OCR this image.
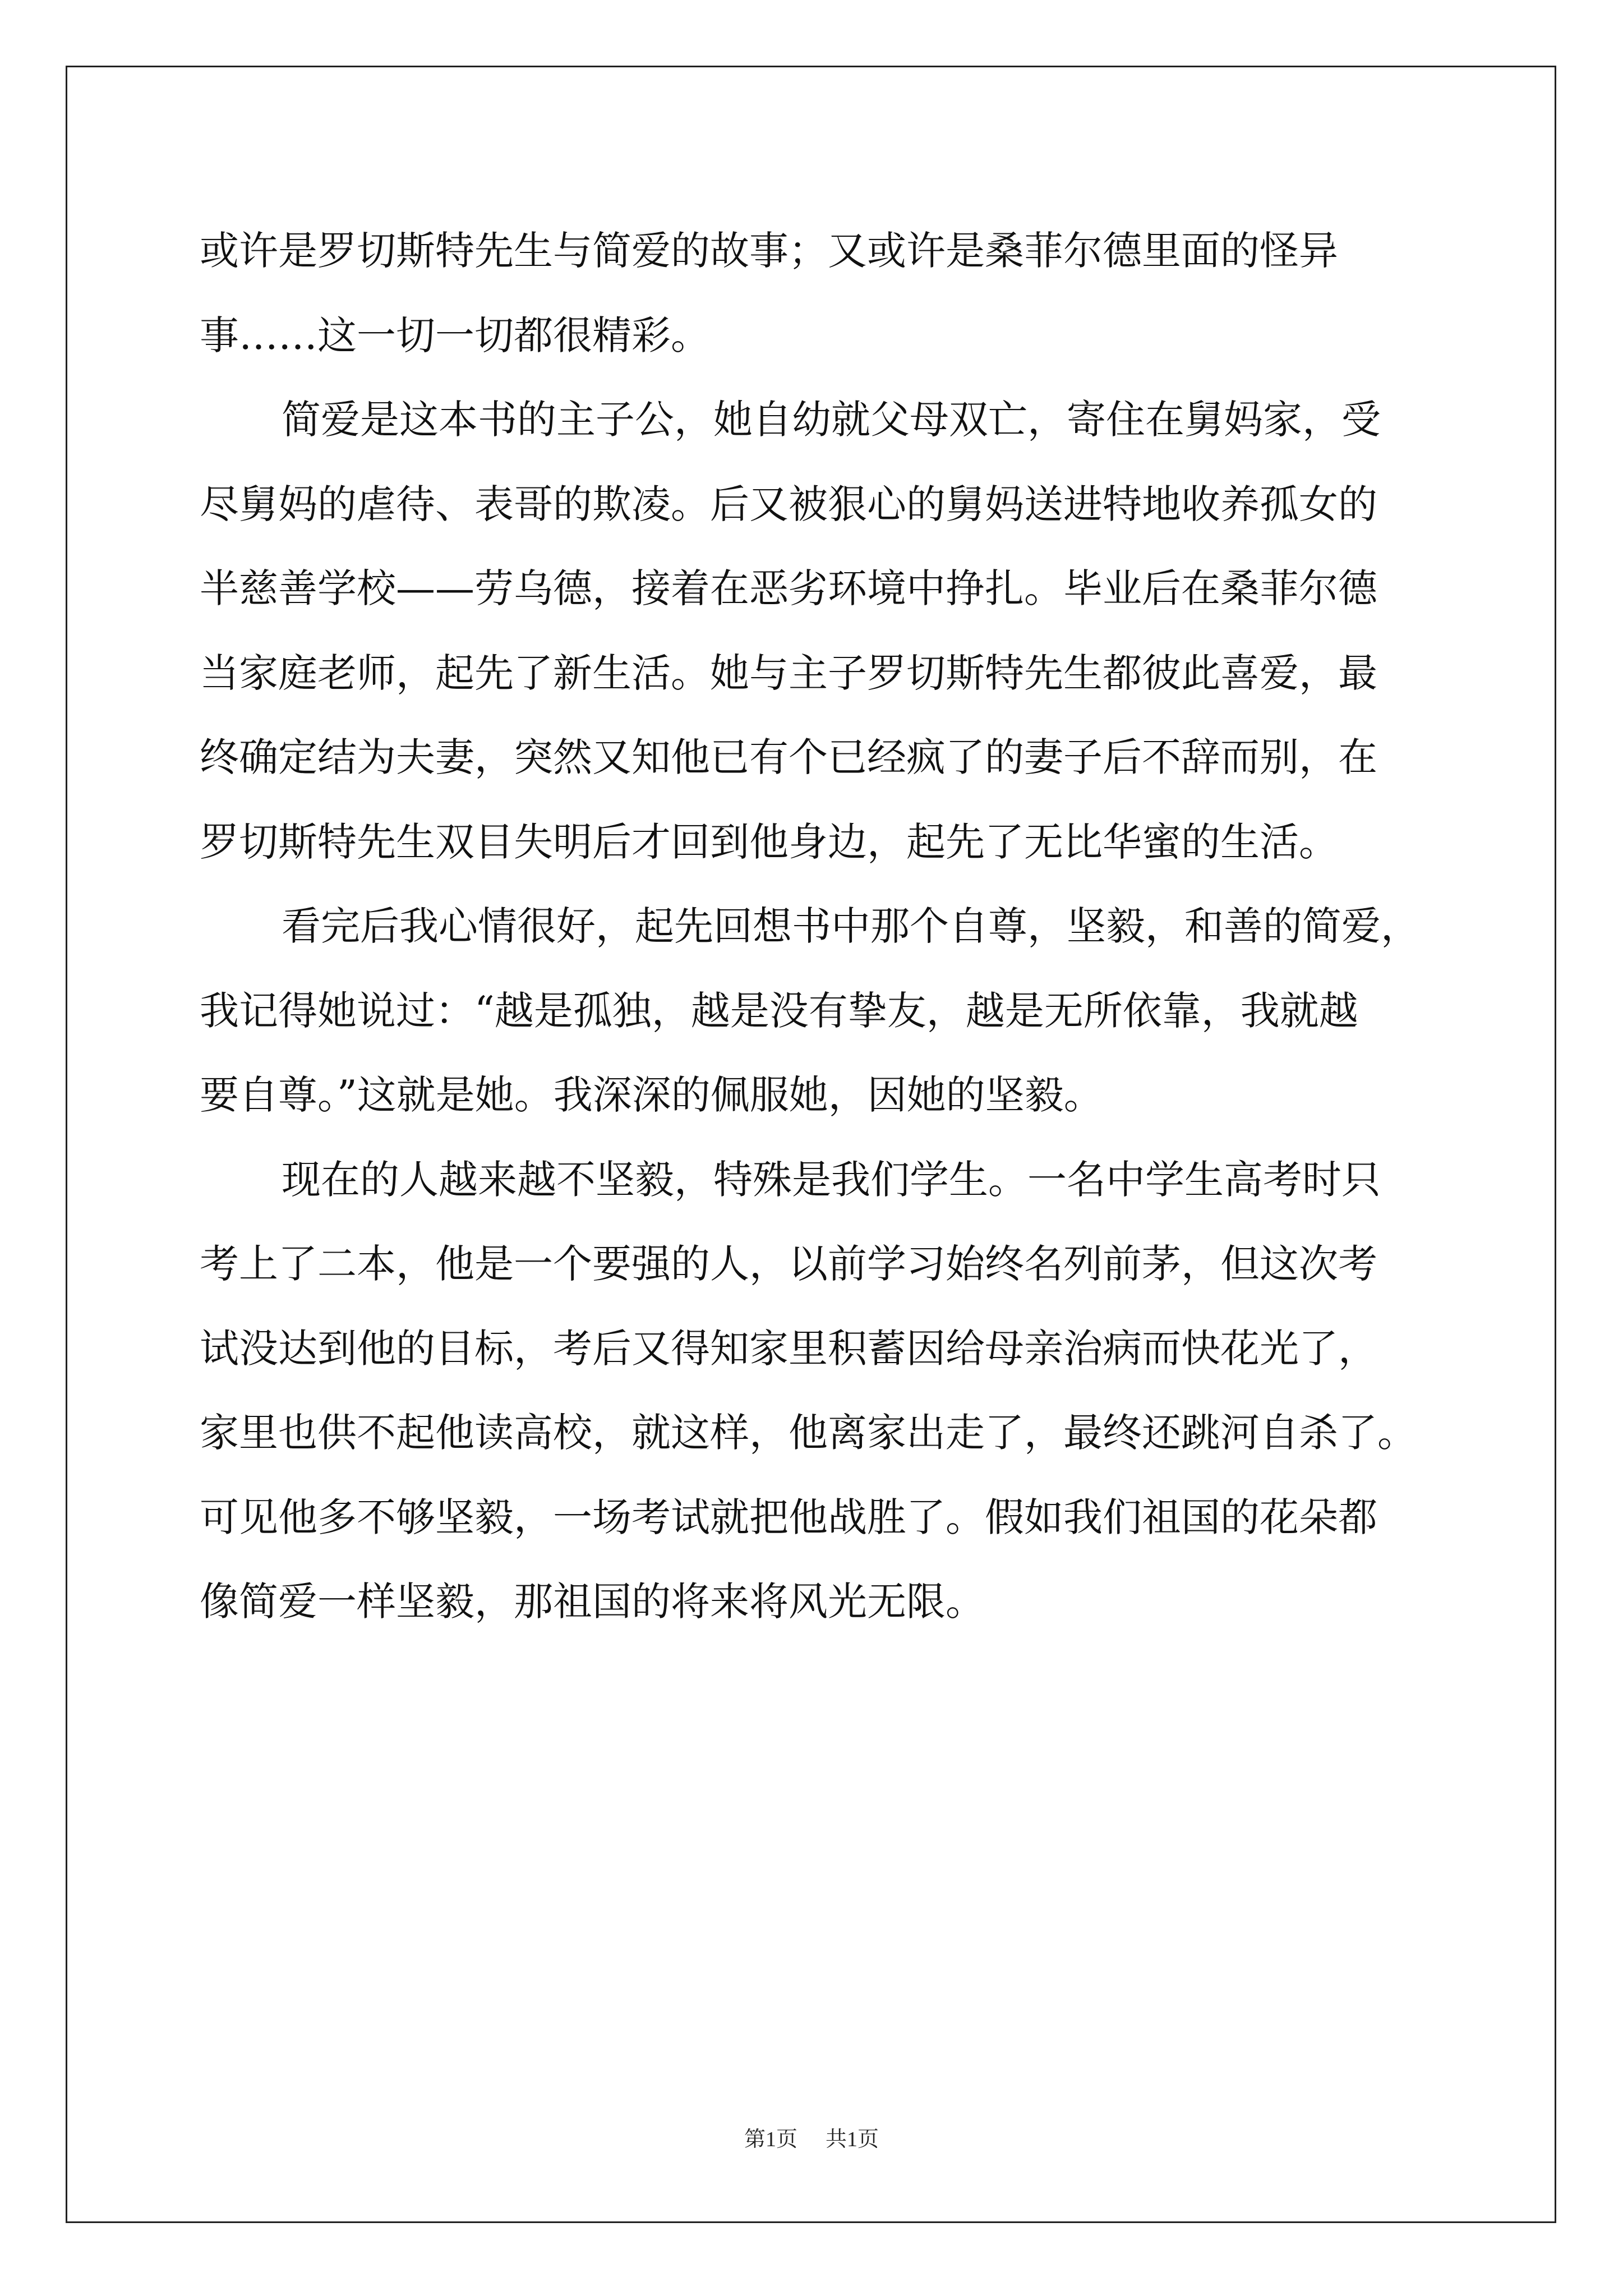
或许是罗切斯特先生与简爱的故事；又或许是桑菲尔德里面的怪异
事……这一切一切都很精彩。
简爱是这本书的主子公，她自幼就父母双亡，寄住在舅妈家，受
尽舅妈的虐待、表哥的欺凌。后又被狠心的舅妈送进特地收养孤女的
半慈善学校——劳乌德，接着在恶劣环境中挣扎。毕业后在桑菲尔德
当家庭老师，起先了新生活。她与主子罗切斯特先生都彼此喜爱，最
终确定结为夫妻，突然又知他已有个已经疯了的妻子后不辞而别，在
罗切斯特先生双目失明后才回到他身边，起先了无比华蜜的生活。
看完后我心情很好，起先回想书中那个自尊，坚毅，和善的简爱，
我记得她说过：“越是孤独，越是没有挚友，越是无所依靠，我就越
要自尊。”这就是她。我深深的佩服她，因她的坚毅。
现在的人越来越不坚毅，特殊是我们学生。一名中学生高考时只
考上了二本，他是一个要强的人，以前学习始终名列前茅，但这次考
试没达到他的目标，考后又得知家里积蓄因给母亲治病而快花光了，
家里也供不起他读高校，就这样，他离家出走了，最终还跳河自杀了。
可见他多不够坚毅，一场考试就把他战胜了。假如我们祖国的花朵都
像简爱一样坚毅，那祖国的将来将风光无限。
第1页 共1页
